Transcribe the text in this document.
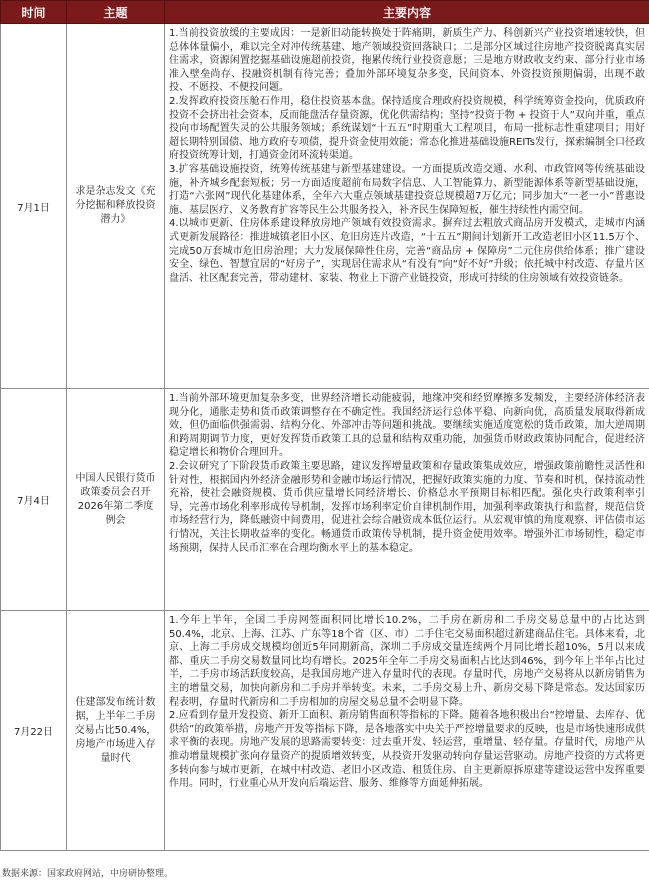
时间	主题	主要内容
7月1日	求是杂志发文《充分挖掘和释放投资潜力》	1.当前投资放缓的主要成因：一是新旧动能转换处于阵痛期，新质生产力、科创新兴产业投资增速较快，但总体体量偏小，难以完全对冲传统基建、地产领域投资回落缺口；二是部分区域过往房地产投资脱离真实居住需求，资源闲置挖掘基础设施超前投资，拖累传统行业投资意愿；三是地方财政收支约束、部分行业市场准入壁垒尚存、投融资机制有待完善；叠加外部环境复杂多变，民间资本、外资投资预期偏弱，出现不敢投、不愿投、不便投问题。

2.发挥政府投资压舱石作用，稳住投资基本盘。保持适度合理政府投资规模，科学统筹资金投向，优质政府投资不会挤出社会资本，反而能盘活存量资源，优化供需结构；坚持“投资于物 + 投资于人”双向并重，重点投向市场配置失灵的公共服务领域；系统谋划“十五五”时期重大工程项目，布局一批标志性重建项目；用好超长期特别国债、地方政府专项债，提升资金使用效能；常态化推进基础设施REITs发行，探索编制全口径政府投资统筹计划，打通资金闭环流转渠道。

3.扩容基础设施投资，统筹传统基建与新型基建建设。一方面提质改造交通、水利、市政管网等传统基础设施，补齐城乡配套短板；另一方面适度超前布局数字信息、人工智能算力、新型能源体系等新型基础设施，打造“六张网”现代化基建体系，全年六大重点领域基建投资总规模超7万亿元；同步加大“一老一小”普惠设施、基层医疗、义务教育扩容等民生公共服务投入，补齐民生保障短板，催生持续性内需空间。

4.以城市更新、住房体系建设释放房地产领域有效投资需求。摒弃过去粗放式商品房开发模式，走城市内涵式更新发展路径：推进城镇老旧小区、危旧房连片改造，“十五五”期间计划新开工改造老旧小区11.5万个、完成50万套城市危旧房治理；大力发展保障性住房，完善“商品房 + 保障房”二元住房供给体系；推广建设安全、绿色、智慧宜居的“好房子”，实现居住需求从“有没有”向“好不好”升级；依托城中村改造、存量片区盘活、社区配套完善，带动建材、家装、物业上下游产业链投资，形成可持续的住房领域有效投资链条。

7月4日	中国人民银行货币政策委员会召开2026年第二季度例会	1.当前外部环境更加复杂多变，世界经济增长动能疲弱，地缘冲突和经贸摩擦多发频发，主要经济体经济表现分化，通胀走势和货币政策调整存在不确定性。我国经济运行总体平稳、向新向优，高质量发展取得新成效，但仍面临供强需弱、结构分化、外部冲击等问题和挑战。要继续实施适度宽松的货币政策，加大逆周期和跨周期调节力度，更好发挥货币政策工具的总量和结构双重功能，加强货币财政政策协同配合，促进经济稳定增长和物价合理回升。

2.会议研究了下阶段货币政策主要思路，建议发挥增量政策和存量政策集成效应，增强政策前瞻性灵活性和针对性，根据国内外经济金融形势和金融市场运行情况，把握好政策实施的力度、节奏和时机，保持流动性充裕，使社会融资规模、货币供应量增长同经济增长、价格总水平预期目标相匹配。强化央行政策利率引导，完善市场化利率形成传导机制，发挥市场利率定价自律机制作用，加强利率政策执行和监督，规范信贷市场经营行为，降低融资中间费用，促进社会综合融资成本低位运行。从宏观审慎的角度观察、评估债市运行情况，关注长期收益率的变化。畅通货币政策传导机制，提升资金使用效率。增强外汇市场韧性，稳定市场预期，保持人民币汇率在合理均衡水平上的基本稳定。

7月22日	住建部发布统计数据，上半年二手房交易占比50.4%，房地产市场进入存量时代	1.今年上半年，全国二手房网签面积同比增长10.2%，二手房在新房和二手房交易总量中的占比达到50.4%，北京、上海、江苏、广东等18个省（区、市）二手住宅交易面积超过新建商品住宅。具体来看，北京、上海二手房成交规模均创近5年同期新高，深圳二手房成交量连续两个月同比增长超10%，5月以来成都、重庆二手房交易数量同比均有增长。2025年全年二手房交易面积占比达到46%，到今年上半年占比过半，二手房市场活跃度较高，是我国房地产进入存量时代的表现。存量时代，房地产交易将从以新房销售为主的增量交易，加快向新房和二手房并举转变。未来，二手房交易上升、新房交易下降是常态。发达国家历程表明，存量时代新房和二手房相加的房屋交易总量不会明显下降。

2.应看到存量开发投资、新开工面积、新房销售面积等指标的下降。随着各地积极出台“控增量、去库存、优供给”的政策举措，房地产开发等指标下降，是各地落实中央关于严控增量要求的反映，也是市场快速形成供求平衡的表现。房地产发展的思路需要转变：过去重开发、轻运营，重增量、轻存量。存量时代，房地产从推动增量规模扩张向存量资产的提质增效转变，从投资开发驱动转向存量运营驱动。房地产投资的方式将更多转向参与城市更新，在城中村改造、老旧小区改造、租赁住房、自主更新原拆原建等建设运营中发挥重要作用。同时，行业重心从开发向后端运营、服务、维修等方面延伸拓展。

数据来源：国家政府网站，中房研协整理。
